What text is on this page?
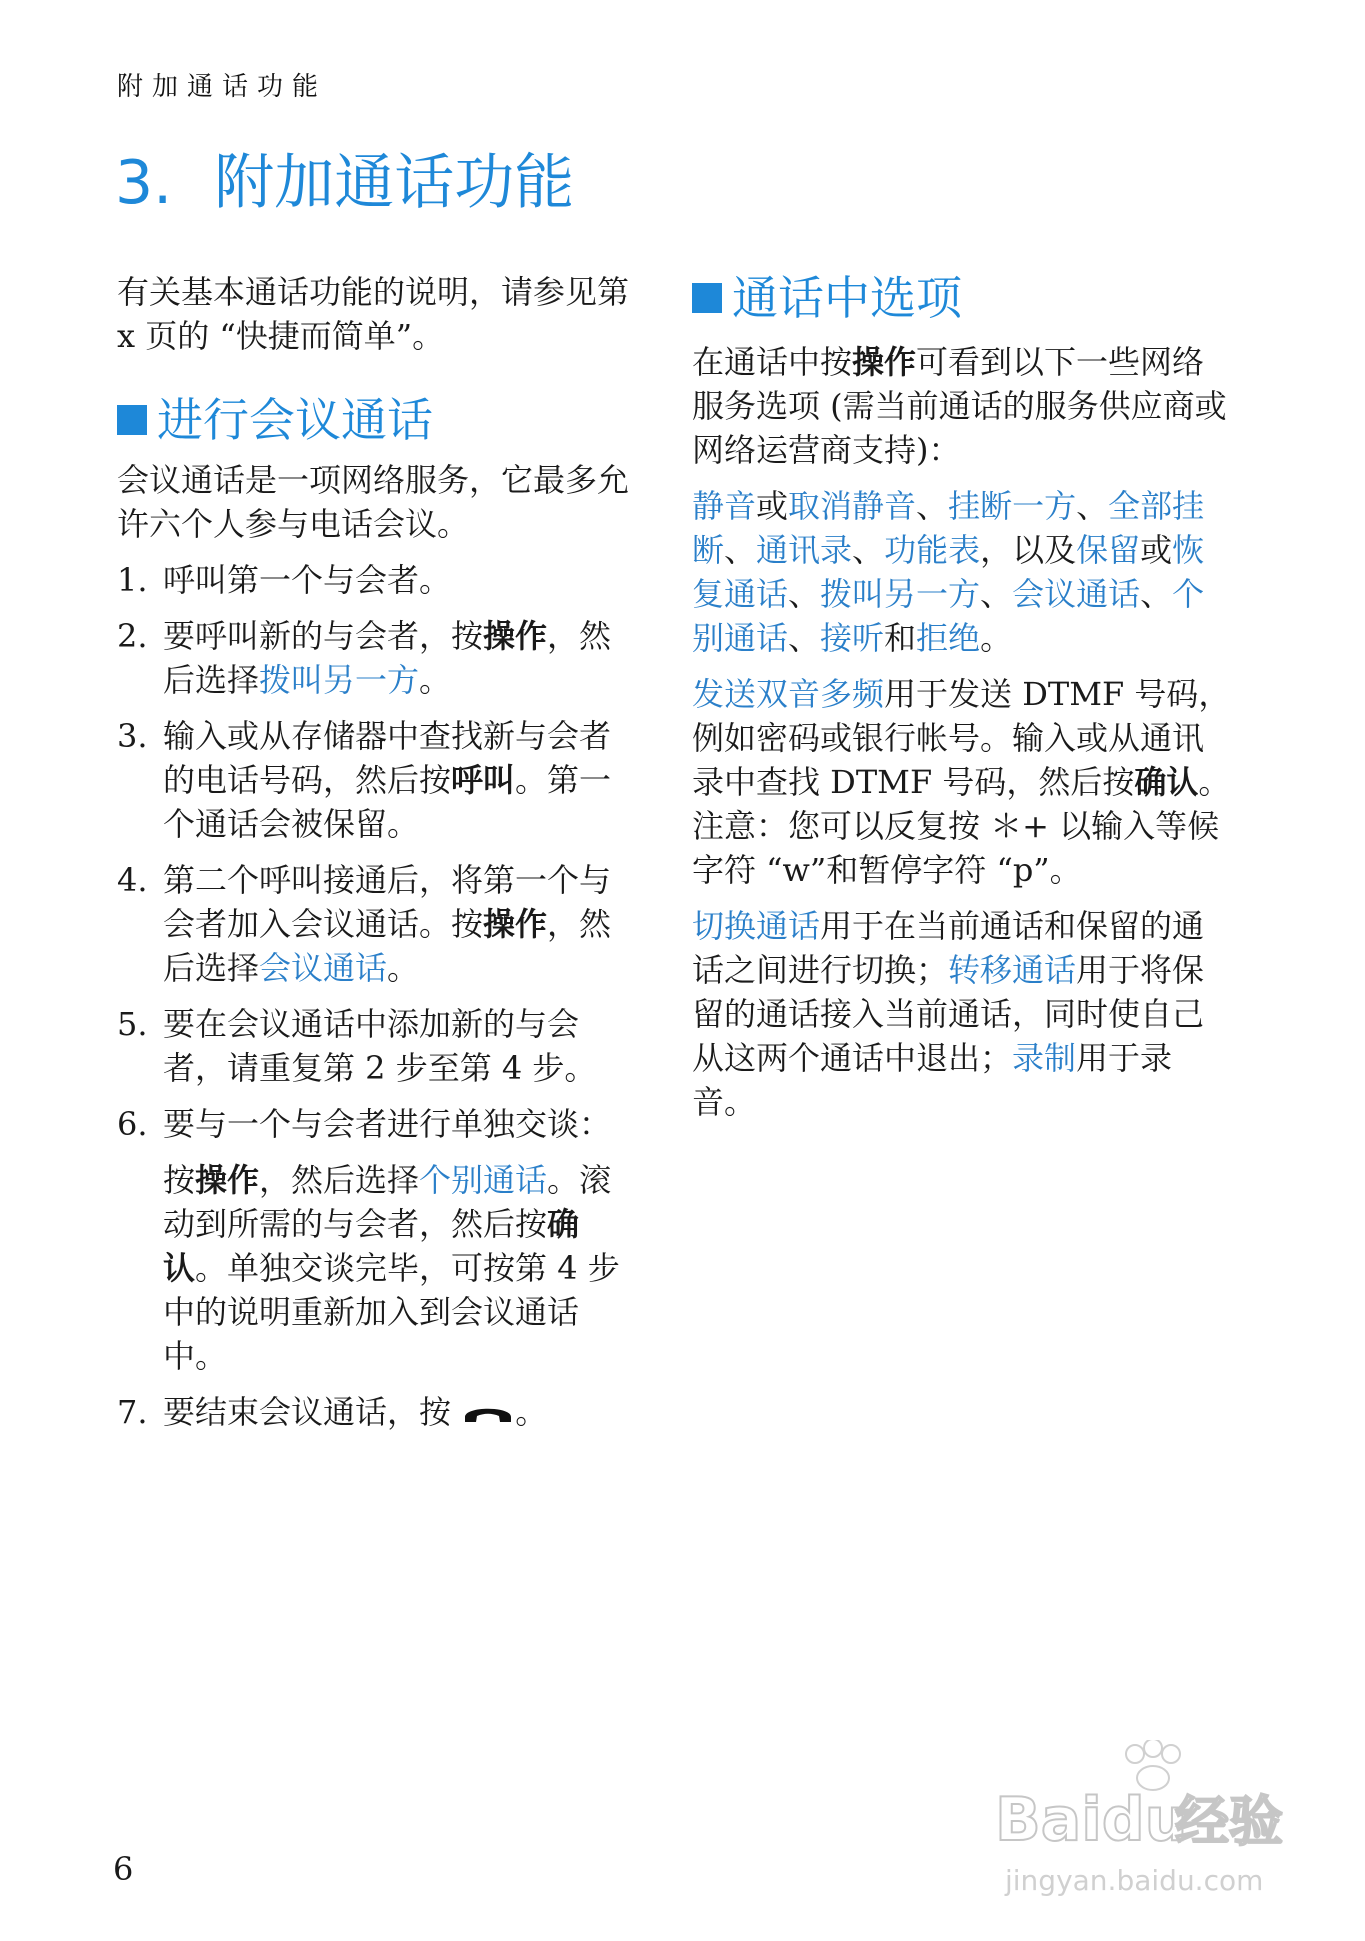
附加通话功能
3. 附加通话功能

有关基本通话功能的说明，请参见第 x 页的 “快捷而简单”。

进行会议通话

会议通话是一项网络服务，它最多允许六个人参与电话会议。

1. 呼叫第一个与会者。
2. 要呼叫新的与会者，按操作，然后选择拨叫另一方。
3. 输入或从存储器中查找新与会者的电话号码，然后按呼叫。第一个通话会被保留。
4. 第二个呼叫接通后，将第一个与会者加入会议通话。按操作，然后选择会议通话。
5. 要在会议通话中添加新的与会者，请重复第 2 步至第 4 步。
6. 要与一个与会者进行单独交谈：

按操作，然后选择个别通话。滚动到所需的与会者，然后按确认。单独交谈完毕，可按第 4 步中的说明重新加入到会议通话中。

7. 要结束会议通话，按 。
通话中选项

在通话中按操作可看到以下一些网络服务选项 (需当前通话的服务供应商或网络运营商支持)：

静音或取消静音、挂断一方、全部挂断、通讯录、功能表，以及保留或恢复通话、拨叫另一方、会议通话、个别通话、接听和拒绝。

发送双音多频用于发送 DTMF 号码，例如密码或银行帐号。输入或从通讯录中查找 DTMF 号码，然后按确认。注意：您可以反复按 ＊+ 以输入等候字符 “w”和暂停字符 “p”。

切换通话用于在当前通话和保留的通话之间进行切换；转移通话用于将保留的通话接入当前通话，同时使自己从这两个通话中退出；录制用于录音。

6
Baidu
经验
jingyan.baidu.com
